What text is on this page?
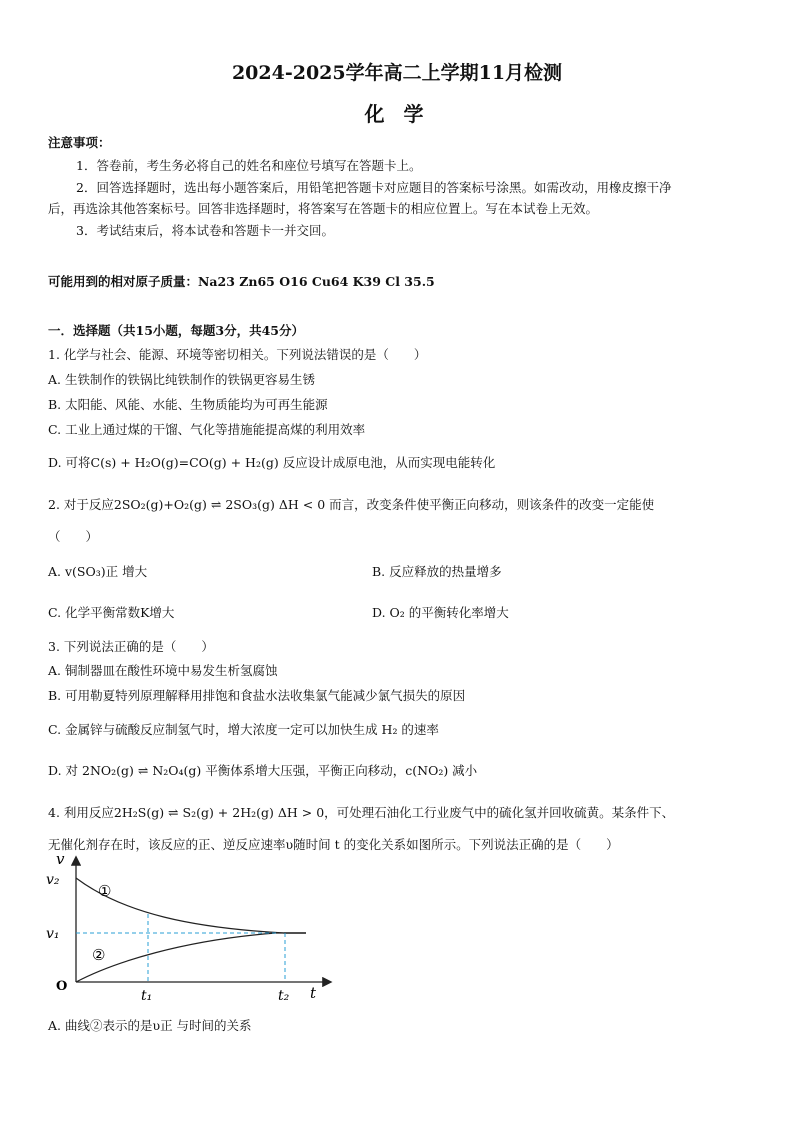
2024-2025学年高二上学期11月检测
化 学
注意事项：
1．答卷前，考生务必将自己的姓名和座位号填写在答题卡上。
2．回答选择题时，选出每小题答案后，用铅笔把答题卡对应题目的答案标号涂黑。如需改动，用橡皮擦干净
后，再选涂其他答案标号。回答非选择题时，将答案写在答题卡的相应位置上。写在本试卷上无效。
3．考试结束后，将本试卷和答题卡一并交回。
可能用到的相对原子质量：Na23 Zn65 O16 Cu64 K39 Cl 35.5
一．选择题（共15小题，每题3分，共45分）
1. 化学与社会、能源、环境等密切相关。下列说法错误的是（　　）
A. 生铁制作的铁锅比纯铁制作的铁锅更容易生锈
B. 太阳能、风能、水能、生物质能均为可再生能源
C. 工业上通过煤的干馏、气化等措施能提高煤的利用效率
D. 可将C(s) + H₂O(g)=CO(g) + H₂(g) 反应设计成原电池，从而实现电能转化
2. 对于反应2SO₂(g)+O₂(g) ⇌ 2SO₃(g) ΔH < 0 而言，改变条件使平衡正向移动，则该条件的改变一定能使
（　　）
A. v(SO₃)正 增大	B. 反应释放的热量增多
C. 化学平衡常数K增大	D. O₂ 的平衡转化率增大
3. 下列说法正确的是（　　）
A. 铜制器皿在酸性环境中易发生析氢腐蚀
B. 可用勒夏特列原理解释用排饱和食盐水法收集氯气能减少氯气损失的原因
C. 金属锌与硫酸反应制氢气时，增大浓度一定可以加快生成 H₂ 的速率
D. 对 2NO₂(g) ⇌ N₂O₄(g) 平衡体系增大压强，平衡正向移动，c(NO₂) 减小
4. 利用反应2H₂S(g) ⇌ S₂(g) + 2H₂(g) ΔH > 0，可处理石油化工行业废气中的硫化氢并回收硫黄。某条件下、
无催化剂存在时，该反应的正、逆反应速率υ随时间 t 的变化关系如图所示。下列说法正确的是（　　）
v
v₂
v₁
O
t₁	t₂ t
①
②
A. 曲线②表示的是υ正 与时间的关系
